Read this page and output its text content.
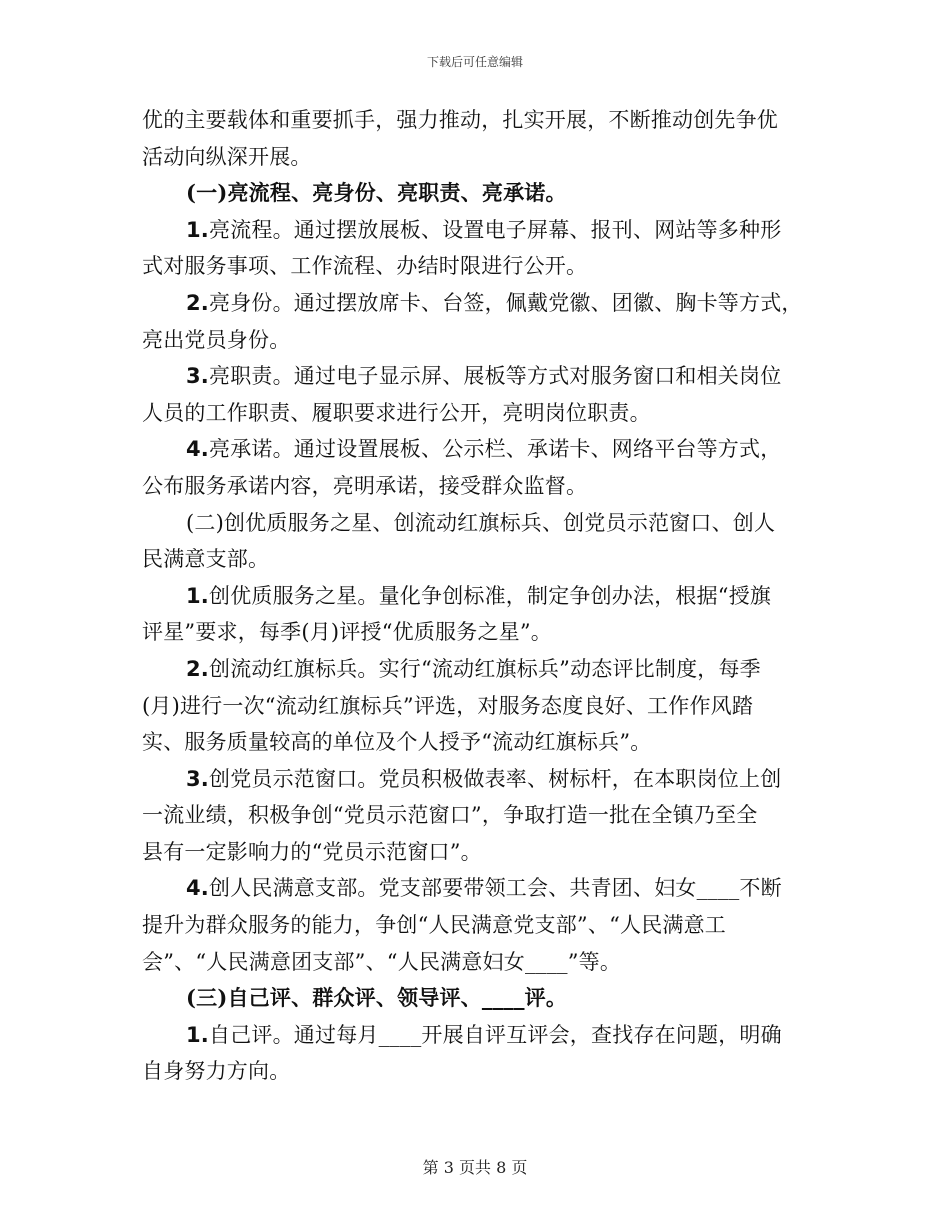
下载后可任意编辑

优的主要载体和重要抓手，强力推动，扎实开展，不断推动创先争优

活动向纵深开展。

(一)亮流程、亮身份、亮职责、亮承诺。

1.亮流程。通过摆放展板、设置电子屏幕、报刊、网站等多种形

式对服务事项、工作流程、办结时限进行公开。

2.亮身份。通过摆放席卡、台签，佩戴党徽、团徽、胸卡等方式，

亮出党员身份。

3.亮职责。通过电子显示屏、展板等方式对服务窗口和相关岗位

人员的工作职责、履职要求进行公开，亮明岗位职责。

4.亮承诺。通过设置展板、公示栏、承诺卡、网络平台等方式，

公布服务承诺内容，亮明承诺，接受群众监督。

(二)创优质服务之星、创流动红旗标兵、创党员示范窗口、创人

民满意支部。

1.创优质服务之星。量化争创标准，制定争创办法，根据“授旗

评星”要求，每季(月)评授“优质服务之星”。

2.创流动红旗标兵。实行“流动红旗标兵”动态评比制度，每季

(月)进行一次“流动红旗标兵”评选，对服务态度良好、工作作风踏

实、服务质量较高的单位及个人授予“流动红旗标兵”。

3.创党员示范窗口。党员积极做表率、树标杆，在本职岗位上创

一流业绩，积极争创“党员示范窗口”，争取打造一批在全镇乃至全

县有一定影响力的“党员示范窗口”。

4.创人民满意支部。党支部要带领工会、共青团、妇女____不断

提升为群众服务的能力，争创“人民满意党支部”、“人民满意工

会”、“人民满意团支部”、“人民满意妇女____”等。

(三)自己评、群众评、领导评、____评。

1.自己评。通过每月____开展自评互评会，查找存在问题，明确

自身努力方向。

第 3 页共 8 页
